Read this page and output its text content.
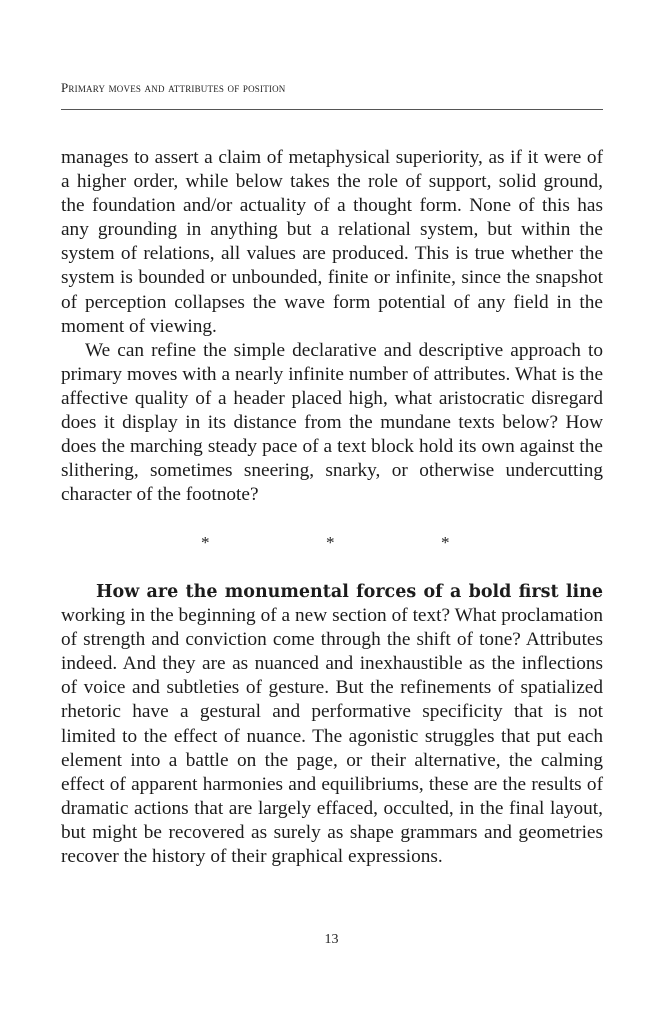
Primary moves and attributes of position

manages to assert a claim of metaphysical superiority, as if it were of a higher order, while below takes the role of support, solid ground, the foundation and/or actuality of a thought form. None of this has any grounding in anything but a relational system, but within the system of relations, all values are produced. This is true whether the system is bounded or unbounded, finite or infinite, since the snapshot of perception collapses the wave form potential of any field in the moment of viewing.

We can refine the simple declarative and descriptive approach to primary moves with a nearly infinite number of attributes. What is the affective quality of a header placed high, what aristocratic disregard does it display in its distance from the mundane texts below? How does the marching steady pace of a text block hold its own against the slithering, sometimes sneering, snarky, or otherwise undercutting character of the footnote?

*	*	*

How are the monumental forces of a bold first line working in the beginning of a new section of text? What proclamation of strength and conviction come through the shift of tone? Attributes indeed. And they are as nuanced and inexhaustible as the inflections of voice and subtleties of gesture. But the refinements of spatialized rhetoric have a gestural and performative specificity that is not limited to the effect of nuance. The agonistic struggles that put each element into a battle on the page, or their alternative, the calming effect of apparent harmonies and equilibriums, these are the results of dramatic actions that are largely effaced, occulted, in the final layout, but might be recovered as surely as shape grammars and geometries recover the history of their graphical expressions.

13
